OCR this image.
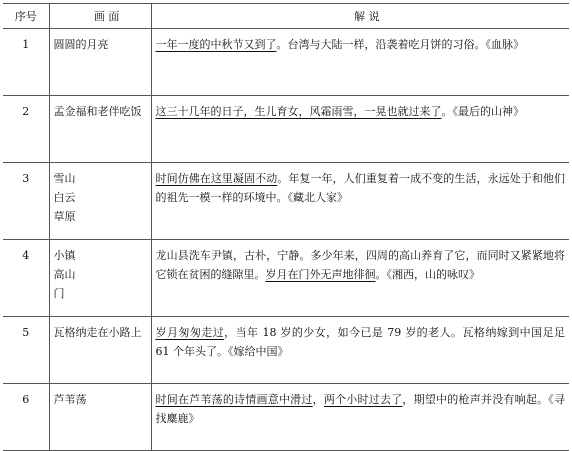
序号	画 面	解 说
1	圆圆的月亮	一年一度的中秋节又到了。台湾与大陆一样，沿袭着吃月饼的习俗。《血脉》
2	孟金福和老伴吃饭	这三十几年的日子，生儿育女，风霜雨雪，一晃也就过来了。《最后的山神》
3	雪山
白云
草原	时间仿佛在这里凝固不动。年复一年，人们重复着一成不变的生活，永远处于和他们的祖先一模一样的环境中。《藏北人家》
4	小镇
高山
门	龙山县洗车尹镇，古朴，宁静。多少年来，四周的高山养育了它，而同时又紧紧地将它锁在贫困的缝隙里。岁月在门外无声地徘徊。《湘西，山的咏叹》
5	瓦格纳走在小路上	岁月匆匆走过，当年 18 岁的少女，如今已是 79 岁的老人。瓦格纳嫁到中国足足 61 个年头了。《嫁给中国》
6	芦苇荡	时间在芦苇荡的诗情画意中滑过，两个小时过去了，期望中的枪声并没有响起。《寻找麋鹿》
